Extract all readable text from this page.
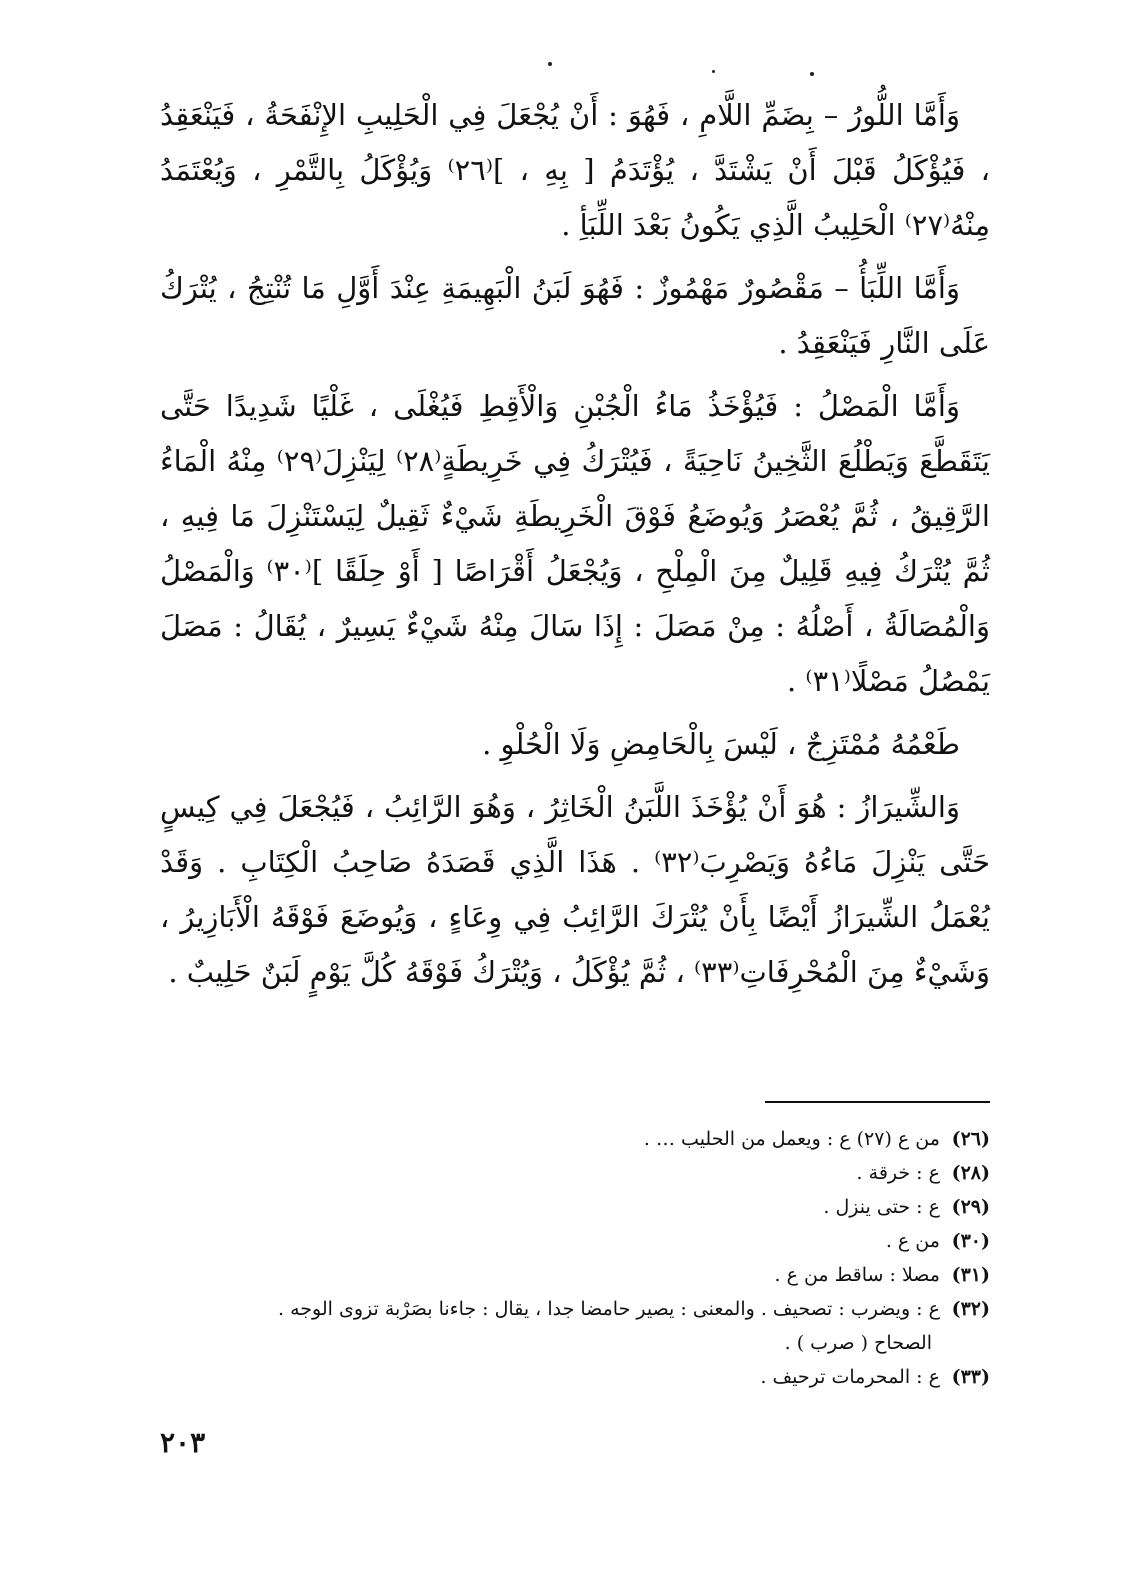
وَأَمَّا اللُّورُ – بِضَمِّ اللَّامِ ، فَهُوَ : أَنْ يُجْعَلَ فِي الْحَلِيبِ الإِنْفَحَةُ ، فَيَنْعَقِدُ ، فَيُؤْكَلُ قَبْلَ أَنْ يَشْتَدَّ ، يُؤْتَدَمُ [ بِهِ ، ]⁽٢٦⁾ وَيُؤْكَلُ بِالتَّمْرِ ، وَيُعْتَمَدُ مِنْهُ⁽٢٧⁾ الْحَلِيبُ الَّذِي يَكُونُ بَعْدَ اللِّبَأِ .

وَأَمَّا اللِّبَأُ – مَقْصُورٌ مَهْمُوزٌ : فَهُوَ لَبَنُ الْبَهِيمَةِ عِنْدَ أَوَّلِ مَا تُنْتِجُ ، يُتْرَكُ عَلَى النَّارِ فَيَنْعَقِدُ .

وَأَمَّا الْمَصْلُ : فَيُؤْخَذُ مَاءُ الْجُبْنِ وَالْأَقِطِ فَيُغْلَى ، غَلْيًا شَدِيدًا حَتَّى يَتَقَطَّعَ وَيَطْلُعَ الثَّخِينُ نَاحِيَةً ، فَيُتْرَكُ فِي خَرِيطَةٍ⁽٢٨⁾ لِيَنْزِلَ⁽٢٩⁾ مِنْهُ الْمَاءُ الرَّقِيقُ ، ثُمَّ يُعْصَرُ وَيُوضَعُ فَوْقَ الْخَرِيطَةِ شَيْءٌ ثَقِيلٌ لِيَسْتَنْزِلَ مَا فِيهِ ، ثُمَّ يُتْرَكُ فِيهِ قَلِيلٌ مِنَ الْمِلْحِ ، وَيُجْعَلُ أَقْرَاصًا [ أَوْ حِلَقًا ]⁽٣٠⁾ وَالْمَصْلُ وَالْمُصَالَةُ ، أَصْلُهُ : مِنْ مَصَلَ : إِذَا سَالَ مِنْهُ شَيْءٌ يَسِيرٌ ، يُقَالُ : مَصَلَ يَمْصُلُ مَصْلًا⁽٣١⁾ .

طَعْمُهُ مُمْتَزِجٌ ، لَيْسَ بِالْحَامِضِ وَلَا الْحُلْوِ .

وَالشِّيرَازُ : هُوَ أَنْ يُؤْخَذَ اللَّبَنُ الْخَاثِرُ ، وَهُوَ الرَّائِبُ ، فَيُجْعَلَ فِي كِيسٍ حَتَّى يَنْزِلَ مَاءُهُ وَيَصْرِبَ⁽٣٢⁾ . هَذَا الَّذِي قَصَدَهُ صَاحِبُ الْكِتَابِ . وَقَدْ يُعْمَلُ الشِّيرَازُ أَيْضًا بِأَنْ يُتْرَكَ الرَّائِبُ فِي وِعَاءٍ ، وَيُوضَعَ فَوْقَهُ الْأَبَازِيرُ ، وَشَيْءٌ مِنَ الْمُحْرِفَاتِ⁽٣٣⁾ ، ثُمَّ يُؤْكَلُ ، وَيُتْرَكُ فَوْقَهُ كُلَّ يَوْمٍ لَبَنٌ حَلِيبٌ .

(٢٦) من ع (٢٧) ع : ويعمل من الحليب … .
(٢٨) ع : خرقة .
(٢٩) ع : حتى ينزل .
(٣٠) من ع .
(٣١) مصلا : ساقط من ع .
(٣٢) ع : ويضرب : تصحيف . والمعنى : يصير حامضا جدا ، يقال : جاءنا بصَرْبة تزوى الوجه .
الصحاح ( صرب ) .
(٣٣) ع : المحرمات ترحيف .
٢٠٣
